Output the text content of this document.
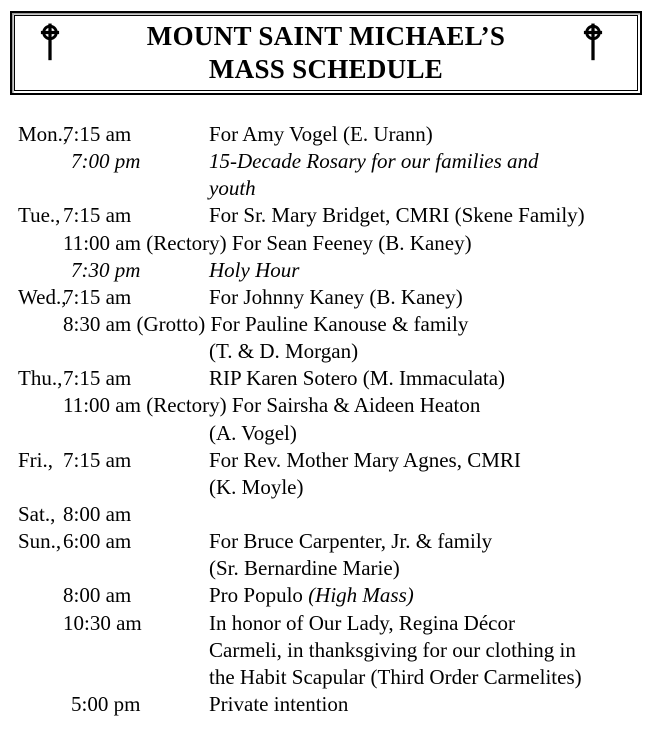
MOUNT SAINT MICHAEL’S
MASS SCHEDULE
Mon.,
7:15 am	For Amy Vogel (E. Urann)
7:00 pm	15-Decade Rosary for our families and
youth
Tue., 7:15 am	For Sr. Mary Bridget, CMRI (Skene Family)
11:00 am (Rectory) For Sean Feeney (B. Kaney)
7:30 pm	Holy Hour
Wed.,
7:15 am	For Johnny Kaney (B. Kaney)
8:30 am (Grotto) For Pauline Kanouse & family
(T. & D. Morgan)
Thu., 7:15 am	RIP Karen Sotero (M. Immaculata)
11:00 am (Rectory) For Sairsha & Aideen Heaton
(A. Vogel)
Fri., 7:15 am	For Rev. Mother Mary Agnes, CMRI
(K. Moyle)
Sat., 8:00 am
Sun., 6:00 am	For Bruce Carpenter, Jr. & family
(Sr. Bernardine Marie)
8:00 am	Pro Populo (High Mass)
10:30 am	In honor of Our Lady, Regina Décor
Carmeli, in thanksgiving for our clothing in
the Habit Scapular (Third Order Carmelites)
5:00 pm	Private intention
